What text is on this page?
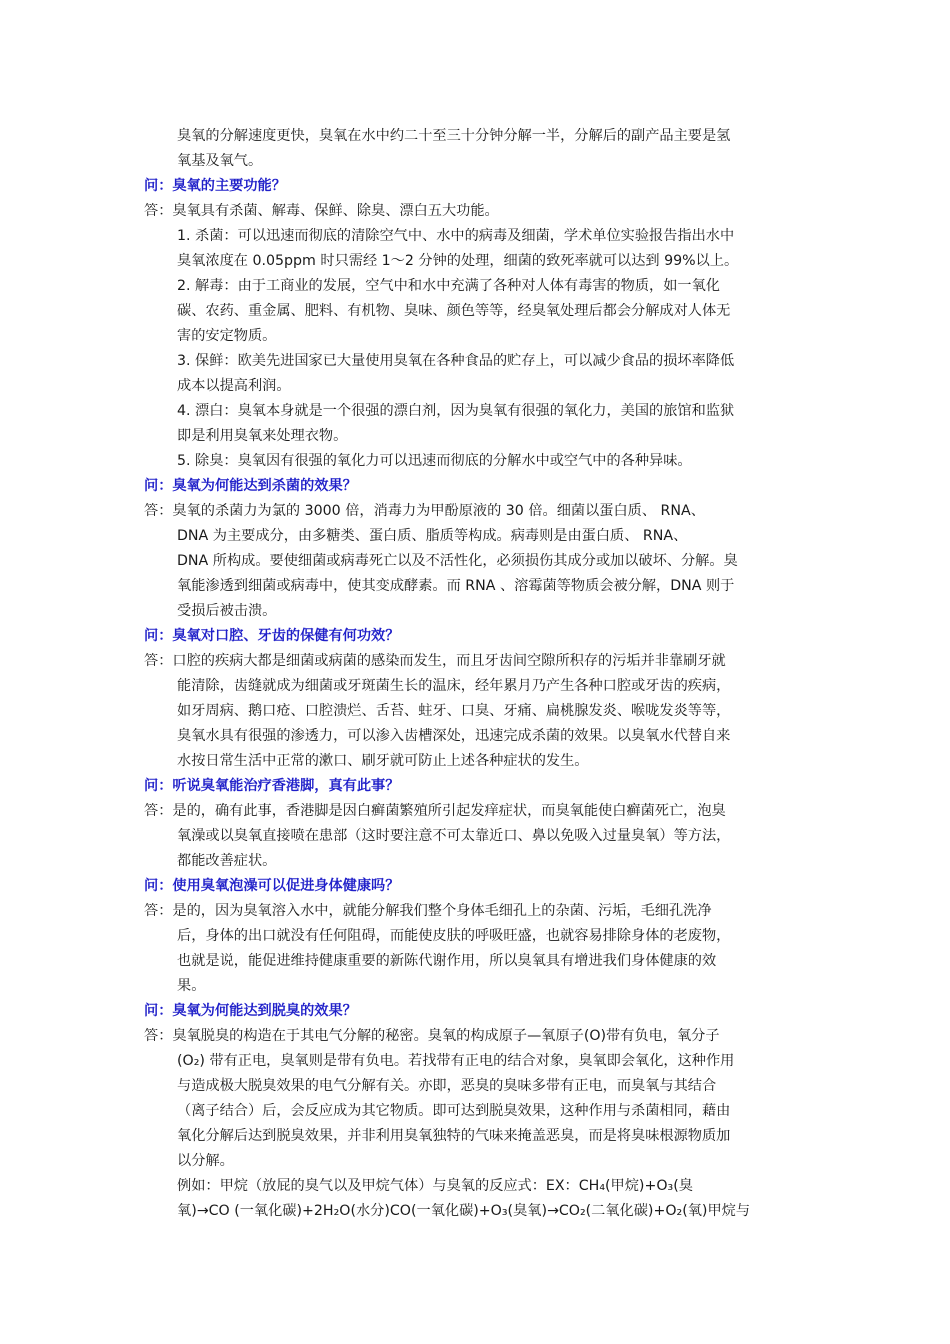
臭氧的分解速度更快，臭氧在水中约二十至三十分钟分解一半，分解后的副产品主要是氢
氧基及氧气。
问：臭氧的主要功能？
答：臭氧具有杀菌、解毒、保鲜、除臭、漂白五大功能。
1. 杀菌：可以迅速而彻底的清除空气中、水中的病毒及细菌，学术单位实验报告指出水中
臭氧浓度在 0.05ppm 时只需经 1～2 分钟的处理，细菌的致死率就可以达到 99%以上。
2. 解毒：由于工商业的发展，空气中和水中充满了各种对人体有毒害的物质，如一氧化
碳、农药、重金属、肥料、有机物、臭味、颜色等等，经臭氧处理后都会分解成对人体无
害的安定物质。
3. 保鲜：欧美先进国家已大量使用臭氧在各种食品的贮存上，可以减少食品的损坏率降低
成本以提高利润。
4. 漂白：臭氧本身就是一个很强的漂白剂，因为臭氧有很强的氧化力，美国的旅馆和监狱
即是利用臭氧来处理衣物。
5. 除臭：臭氧因有很强的氧化力可以迅速而彻底的分解水中或空气中的各种异味。
问：臭氧为何能达到杀菌的效果？
答：臭氧的杀菌力为氯的 3000 倍，消毒力为甲酚原液的 30 倍。细菌以蛋白质、 RNA、
DNA 为主要成分，由多糖类、蛋白质、脂质等构成。病毒则是由蛋白质、 RNA、
DNA 所构成。要使细菌或病毒死亡以及不活性化，必须损伤其成分或加以破坏、分解。臭
氧能渗透到细菌或病毒中，使其变成酵素。而 RNA 、溶霉菌等物质会被分解，DNA 则于
受损后被击溃。
问：臭氧对口腔、牙齿的保健有何功效？
答：口腔的疾病大都是细菌或病菌的感染而发生，而且牙齿间空隙所积存的污垢并非靠刷牙就
能清除，齿缝就成为细菌或牙斑菌生长的温床，经年累月乃产生各种口腔或牙齿的疾病，
如牙周病、鹅口疮、口腔溃烂、舌苔、蛀牙、口臭、牙痛、扁桃腺发炎、喉咙发炎等等，
臭氧水具有很强的渗透力，可以渗入齿槽深处，迅速完成杀菌的效果。以臭氧水代替自来
水按日常生活中正常的漱口、刷牙就可防止上述各种症状的发生。
问：听说臭氧能治疗香港脚，真有此事？
答：是的，确有此事，香港脚是因白癣菌繁殖所引起发痒症状，而臭氧能使白癣菌死亡，泡臭
氧澡或以臭氧直接喷在患部（这时要注意不可太靠近口、鼻以免吸入过量臭氧）等方法，
都能改善症状。
问：使用臭氧泡澡可以促进身体健康吗？
答：是的，因为臭氧溶入水中，就能分解我们整个身体毛细孔上的杂菌、污垢，毛细孔洗净
后，身体的出口就没有任何阻碍，而能使皮肤的呼吸旺盛，也就容易排除身体的老废物，
也就是说，能促进维持健康重要的新陈代谢作用，所以臭氧具有增进我们身体健康的效
果。
问：臭氧为何能达到脱臭的效果？
答：臭氧脱臭的构造在于其电气分解的秘密。臭氧的构成原子—氧原子(O)带有负电，氧分子
(O₂) 带有正电，臭氧则是带有负电。若找带有正电的结合对象，臭氧即会氧化，这种作用
与造成极大脱臭效果的电气分解有关。亦即，恶臭的臭味多带有正电，而臭氧与其结合
（离子结合）后，会反应成为其它物质。即可达到脱臭效果，这种作用与杀菌相同，藉由
氧化分解后达到脱臭效果，并非利用臭氧独特的气味来掩盖恶臭，而是将臭味根源物质加
以分解。
例如：甲烷（放屁的臭气以及甲烷气体）与臭氧的反应式：EX：CH₄(甲烷)+O₃(臭
氧)→CO (一氧化碳)+2H₂O(水分)CO(一氧化碳)+O₃(臭氧)→CO₂(二氧化碳)+O₂(氧)甲烷与
